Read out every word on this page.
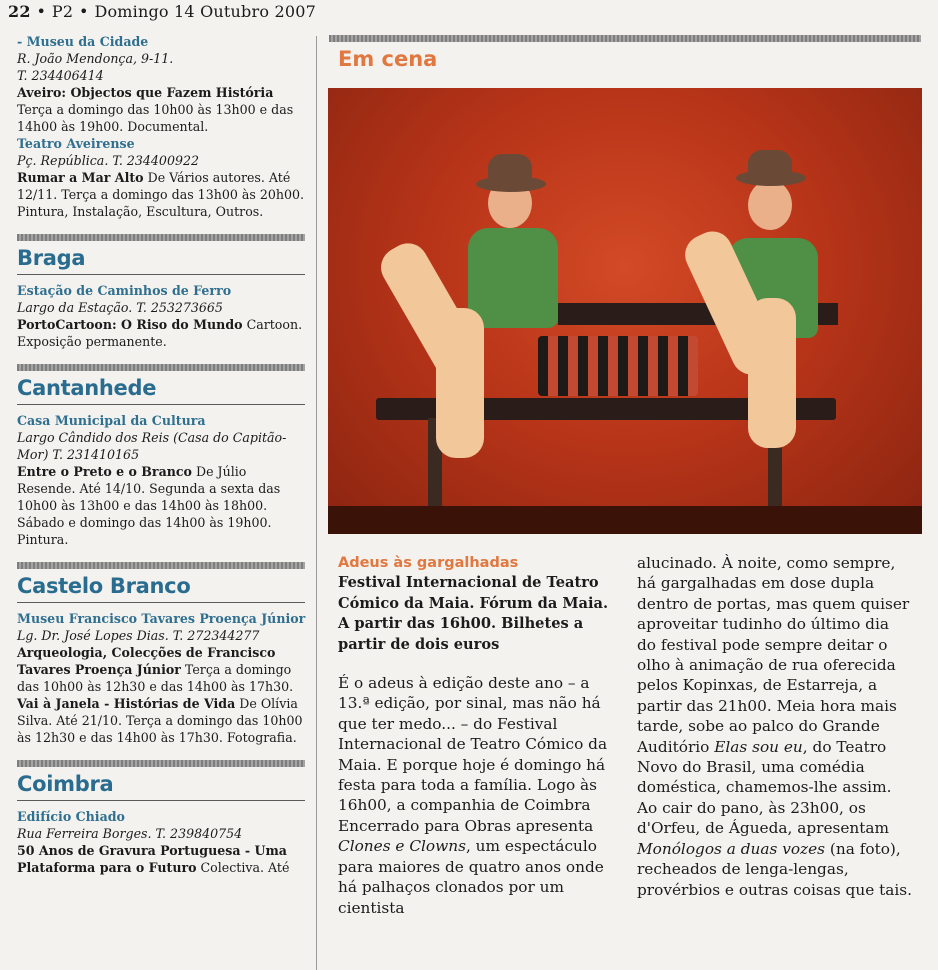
22 • P2 • Domingo 14 Outubro 2007

- Museu da Cidade
R. João Mendonça, 9-11.
T. 234406414
Aveiro: Objectos que Fazem História Terça a domingo das 10h00 às 13h00 e das 14h00 às 19h00. Documental.

Teatro Aveirense
Pç. República. T. 234400922
Rumar a Mar Alto De Vários autores. Até 12/11. Terça a domingo das 13h00 às 20h00. Pintura, Instalação, Escultura, Outros.

Braga

Estação de Caminhos de Ferro
Largo da Estação. T. 253273665
PortoCartoon: O Riso do Mundo Cartoon. Exposição permanente.

Cantanhede

Casa Municipal da Cultura
Largo Cândido dos Reis (Casa do Capitão-Mor) T. 231410165
Entre o Preto e o Branco De Júlio Resende. Até 14/10. Segunda a sexta das 10h00 às 13h00 e das 14h00 às 18h00. Sábado e domingo das 14h00 às 19h00. Pintura.

Castelo Branco

Museu Francisco Tavares Proença Júnior
Lg. Dr. José Lopes Dias. T. 272344277
Arqueologia, Colecções de Francisco Tavares Proença Júnior Terça a domingo das 10h00 às 12h30 e das 14h00 às 17h30.
Vai à Janela - Histórias de Vida De Olívia Silva. Até 21/10. Terça a domingo das 10h00 às 12h30 e das 14h00 às 17h30. Fotografia.

Coimbra

Edifício Chiado
Rua Ferreira Borges. T. 239840754
50 Anos de Gravura Portuguesa - Uma Plataforma para o Futuro Colectiva. Até

Em cena
Adeus às gargalhadas
Festival Internacional de Teatro Cómico da Maia. Fórum da Maia. A partir das 16h00. Bilhetes a partir de dois euros
É o adeus à edição deste ano – a 13.ª edição, por sinal, mas não há que ter medo... – do Festival Internacional de Teatro Cómico da Maia. E porque hoje é domingo há festa para toda a família. Logo às 16h00, a companhia de Coimbra Encerrado para Obras apresenta Clones e Clowns, um espectáculo para maiores de quatro anos onde há palhaços clonados por um cientista
alucinado. À noite, como sempre, há gargalhadas em dose dupla dentro de portas, mas quem quiser aproveitar tudinho do último dia do festival pode sempre deitar o olho à animação de rua oferecida pelos Kopinxas, de Estarreja, a partir das 21h00. Meia hora mais tarde, sobe ao palco do Grande Auditório Elas sou eu, do Teatro Novo do Brasil, uma comédia doméstica, chamemos-lhe assim. Ao cair do pano, às 23h00, os d'Orfeu, de Águeda, apresentam Monólogos a duas vozes (na foto), recheados de lenga-lengas, provérbios e outras coisas que tais.
